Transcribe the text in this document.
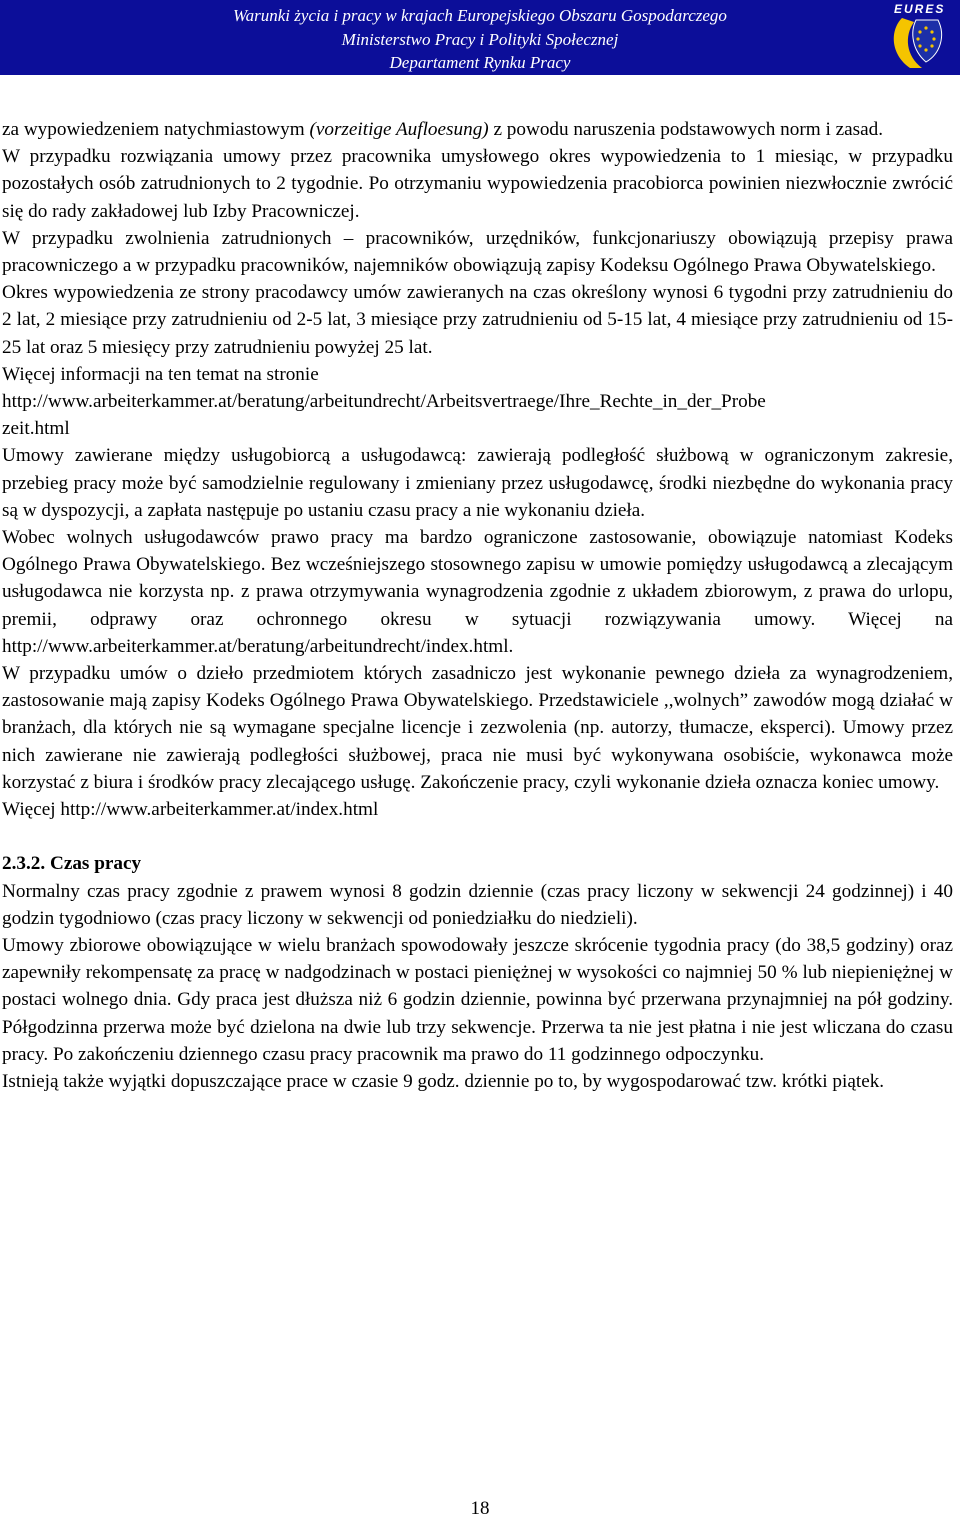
Warunki życia i pracy w krajach Europejskiego Obszaru Gospodarczego
Ministerstwo Pracy i Polityki Społecznej
Departament Rynku Pracy
EURES

za wypowiedzeniem natychmiastowym (vorzeitige Aufloesung) z powodu naruszenia podstawowych norm i zasad.

W przypadku rozwiązania umowy przez pracownika umysłowego okres wypowiedzenia to 1 miesiąc, w przypadku pozostałych osób zatrudnionych to 2 tygodnie. Po otrzymaniu wypowiedzenia pracobiorca powinien niezwłocznie zwrócić się do rady zakładowej lub Izby Pracowniczej.

W przypadku zwolnienia zatrudnionych – pracowników, urzędników, funkcjonariuszy obowiązują przepisy prawa pracowniczego a w przypadku pracowników, najemników obowiązują zapisy Kodeksu Ogólnego Prawa Obywatelskiego.

Okres wypowiedzenia ze strony pracodawcy umów zawieranych na czas określony wynosi 6 tygodni przy zatrudnieniu do 2 lat, 2 miesiące przy zatrudnieniu od 2-5 lat, 3 miesiące przy zatrudnieniu od 5-15 lat, 4 miesiące przy zatrudnieniu od 15-25 lat oraz 5 miesięcy przy zatrudnieniu powyżej 25 lat.

Więcej informacji na ten temat na stronie

http://www.arbeiterkammer.at/beratung/arbeitundrecht/Arbeitsvertraege/Ihre_Rechte_in_der_Probe

zeit.html

Umowy zawierane między usługobiorcą a usługodawcą: zawierają podległość służbową w ograniczonym zakresie, przebieg pracy może być samodzielnie regulowany i zmieniany przez usługodawcę, środki niezbędne do wykonania pracy są w dyspozycji, a zapłata następuje po ustaniu czasu pracy a nie wykonaniu dzieła.

Wobec wolnych usługodawców prawo pracy ma bardzo ograniczone zastosowanie, obowiązuje natomiast Kodeks Ogólnego Prawa Obywatelskiego. Bez wcześniejszego stosownego zapisu w umowie pomiędzy usługodawcą a zlecającym usługodawca nie korzysta np. z prawa otrzymywania wynagrodzenia zgodnie z układem zbiorowym, z prawa do urlopu, premii, odprawy oraz ochronnego okresu w sytuacji rozwiązywania umowy. Więcej na http://www.arbeiterkammer.at/beratung/arbeitundrecht/index.html.

W przypadku umów o dzieło przedmiotem których zasadniczo jest wykonanie pewnego dzieła za wynagrodzeniem, zastosowanie mają zapisy Kodeks Ogólnego Prawa Obywatelskiego. Przedstawiciele ,,wolnych” zawodów mogą działać w branżach, dla których nie są wymagane specjalne licencje i zezwolenia (np. autorzy, tłumacze, eksperci). Umowy przez nich zawierane nie zawierają podległości służbowej, praca nie musi być wykonywana osobiście, wykonawca może korzystać z biura i środków pracy zlecającego usługę. Zakończenie pracy, czyli wykonanie dzieła oznacza koniec umowy.

Więcej http://www.arbeiterkammer.at/index.html

2.3.2. Czas pracy

Normalny czas pracy zgodnie z prawem wynosi 8 godzin dziennie (czas pracy liczony w sekwencji 24 godzinnej) i 40 godzin tygodniowo (czas pracy liczony w sekwencji od poniedziałku do niedzieli).

Umowy zbiorowe obowiązujące w wielu branżach spowodowały jeszcze skrócenie tygodnia pracy (do 38,5 godziny) oraz zapewniły rekompensatę za pracę w nadgodzinach w postaci pieniężnej w wysokości co najmniej 50 % lub niepieniężnej w postaci wolnego dnia. Gdy praca jest dłuższa niż 6 godzin dziennie, powinna być przerwana przynajmniej na pół godziny. Półgodzinna przerwa może być dzielona na dwie lub trzy sekwencje. Przerwa ta nie jest płatna i nie jest wliczana do czasu pracy. Po zakończeniu dziennego czasu pracy pracownik ma prawo do 11 godzinnego odpoczynku.

Istnieją także wyjątki dopuszczające prace w czasie 9 godz. dziennie po to, by wygospodarować tzw. krótki piątek.

18
